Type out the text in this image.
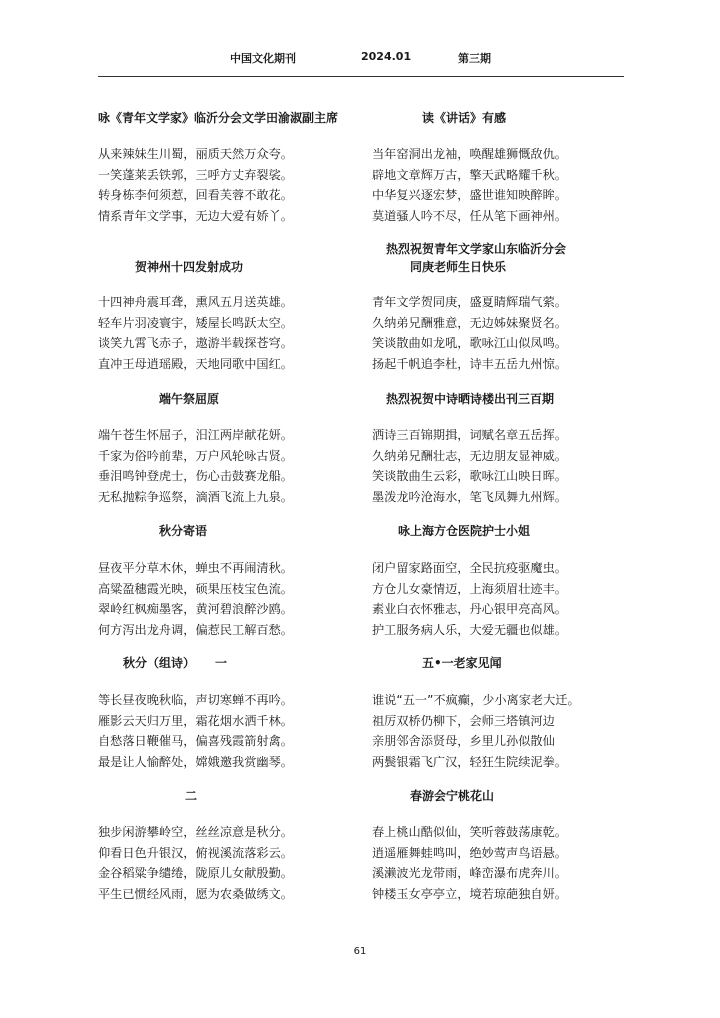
中国文化期刊	2024.01	第三期
咏《青年文学家》临沂分会文学田渝淑副主席
从来辣妹生川蜀，丽质天然万众夸。
一笑蓬莱丢铁郭，三呼方丈弃裂裟。
转身栋李何须惹，回看芙蓉不敢花。
情系青年文学事，无边大爱有娇丫。
贺神州十四发射成功
十四神舟震耳聋，熏风五月送英雄。
轻车片羽凌寰宇，矮屋长鸣跃太空。
谈笑九霄飞赤子，遨游半载探苍穹。
直冲王母逍瑶殿，天地同歌中国红。
端午祭屈原
端午苍生怀屈子，汨江两岸献花妍。
千家为俗吟前辈，万户风轮咏古贤。
垂泪鸣钟登虎士，伤心击鼓赛龙船。
无私抛粽争巡祭，滴酒飞流上九泉。
秋分寄语
昼夜平分草木休，蝉虫不再闹清秋。
高粱盈穗霞光映，硕果压枝宝色流。
翠岭红枫痴墨客，黄河碧浪醉沙鸥。
何方泻出龙舟调，偏惹民工解百愁。
秋分（组诗） 一
等长昼夜晚秋临，声切寒蝉不再吟。
雁影云天归万里，霜花烟水洒千林。
自愁落日鞭催马，偏喜残霞箭射禽。
最是让人愉醉处，嫦娥邀我赏幽琴。
二
独步闲游攀岭空，丝丝凉意是秋分。
仰看日色升银汉，俯视溪流落彩云。
金谷稻粱争缱绻，陇原儿女献殷勤。
平生已惯经风雨，愿为农桑做绣文。
读《讲话》有感
当年窑洞出龙袖，唤醒雄狮慨敌仇。
辟地文章辉万古，擎天武略耀千秋。
中华复兴逐宏梦，盛世谁知映醉眸。
莫道骚人吟不尽，任从笔下画神州。
热烈祝贺青年文学家山东临沂分会
同庚老师生日快乐
青年文学贺同庚，盛夏睛辉瑞气萦。
久纳弟兄酬雅意，无边姊妹聚贤名。
笑谈散曲如龙吼，歌咏江山似凤鸣。
扬起千帆追李杜，诗丰五岳九州惊。
热烈祝贺中诗晒诗楼出刊三百期
洒诗三百锦期揖，词赋名章五岳挥。
久纳弟兄酬壮志，无边朋友显神威。
笑谈散曲生云彩，歌咏江山映日晖。
墨泼龙吟沧海水，笔飞凤舞九州辉。
咏上海方仓医院护士小姐
闭户留家路面空，全民抗疫驱魔虫。
方仓儿女豪情迈，上海须眉壮迹丰。
素业白衣怀雅志，丹心银甲亮高风。
护工服务病人乐，大爱无疆也似雄。
五•一老家见闻
谁说“五一”不疯癫，少小离家老大迁。
祖厉双桥仍柳下，会师三塔镇河边
亲朋邻舍添贤母，乡里儿孙似散仙
两鬓银霜飞广汉，轻狂生院续泥拳。
春游会宁桃花山
春上桃山酷似仙，笑听蓉鼓荡康乾。
逍遥雁舞蛙鸣叫，绝妙莺声鸟语悬。
溪濑波光龙带雨，峰峦瀑布虎奔川。
钟楼玉女亭亭立，境若琼葩独自妍。
61
